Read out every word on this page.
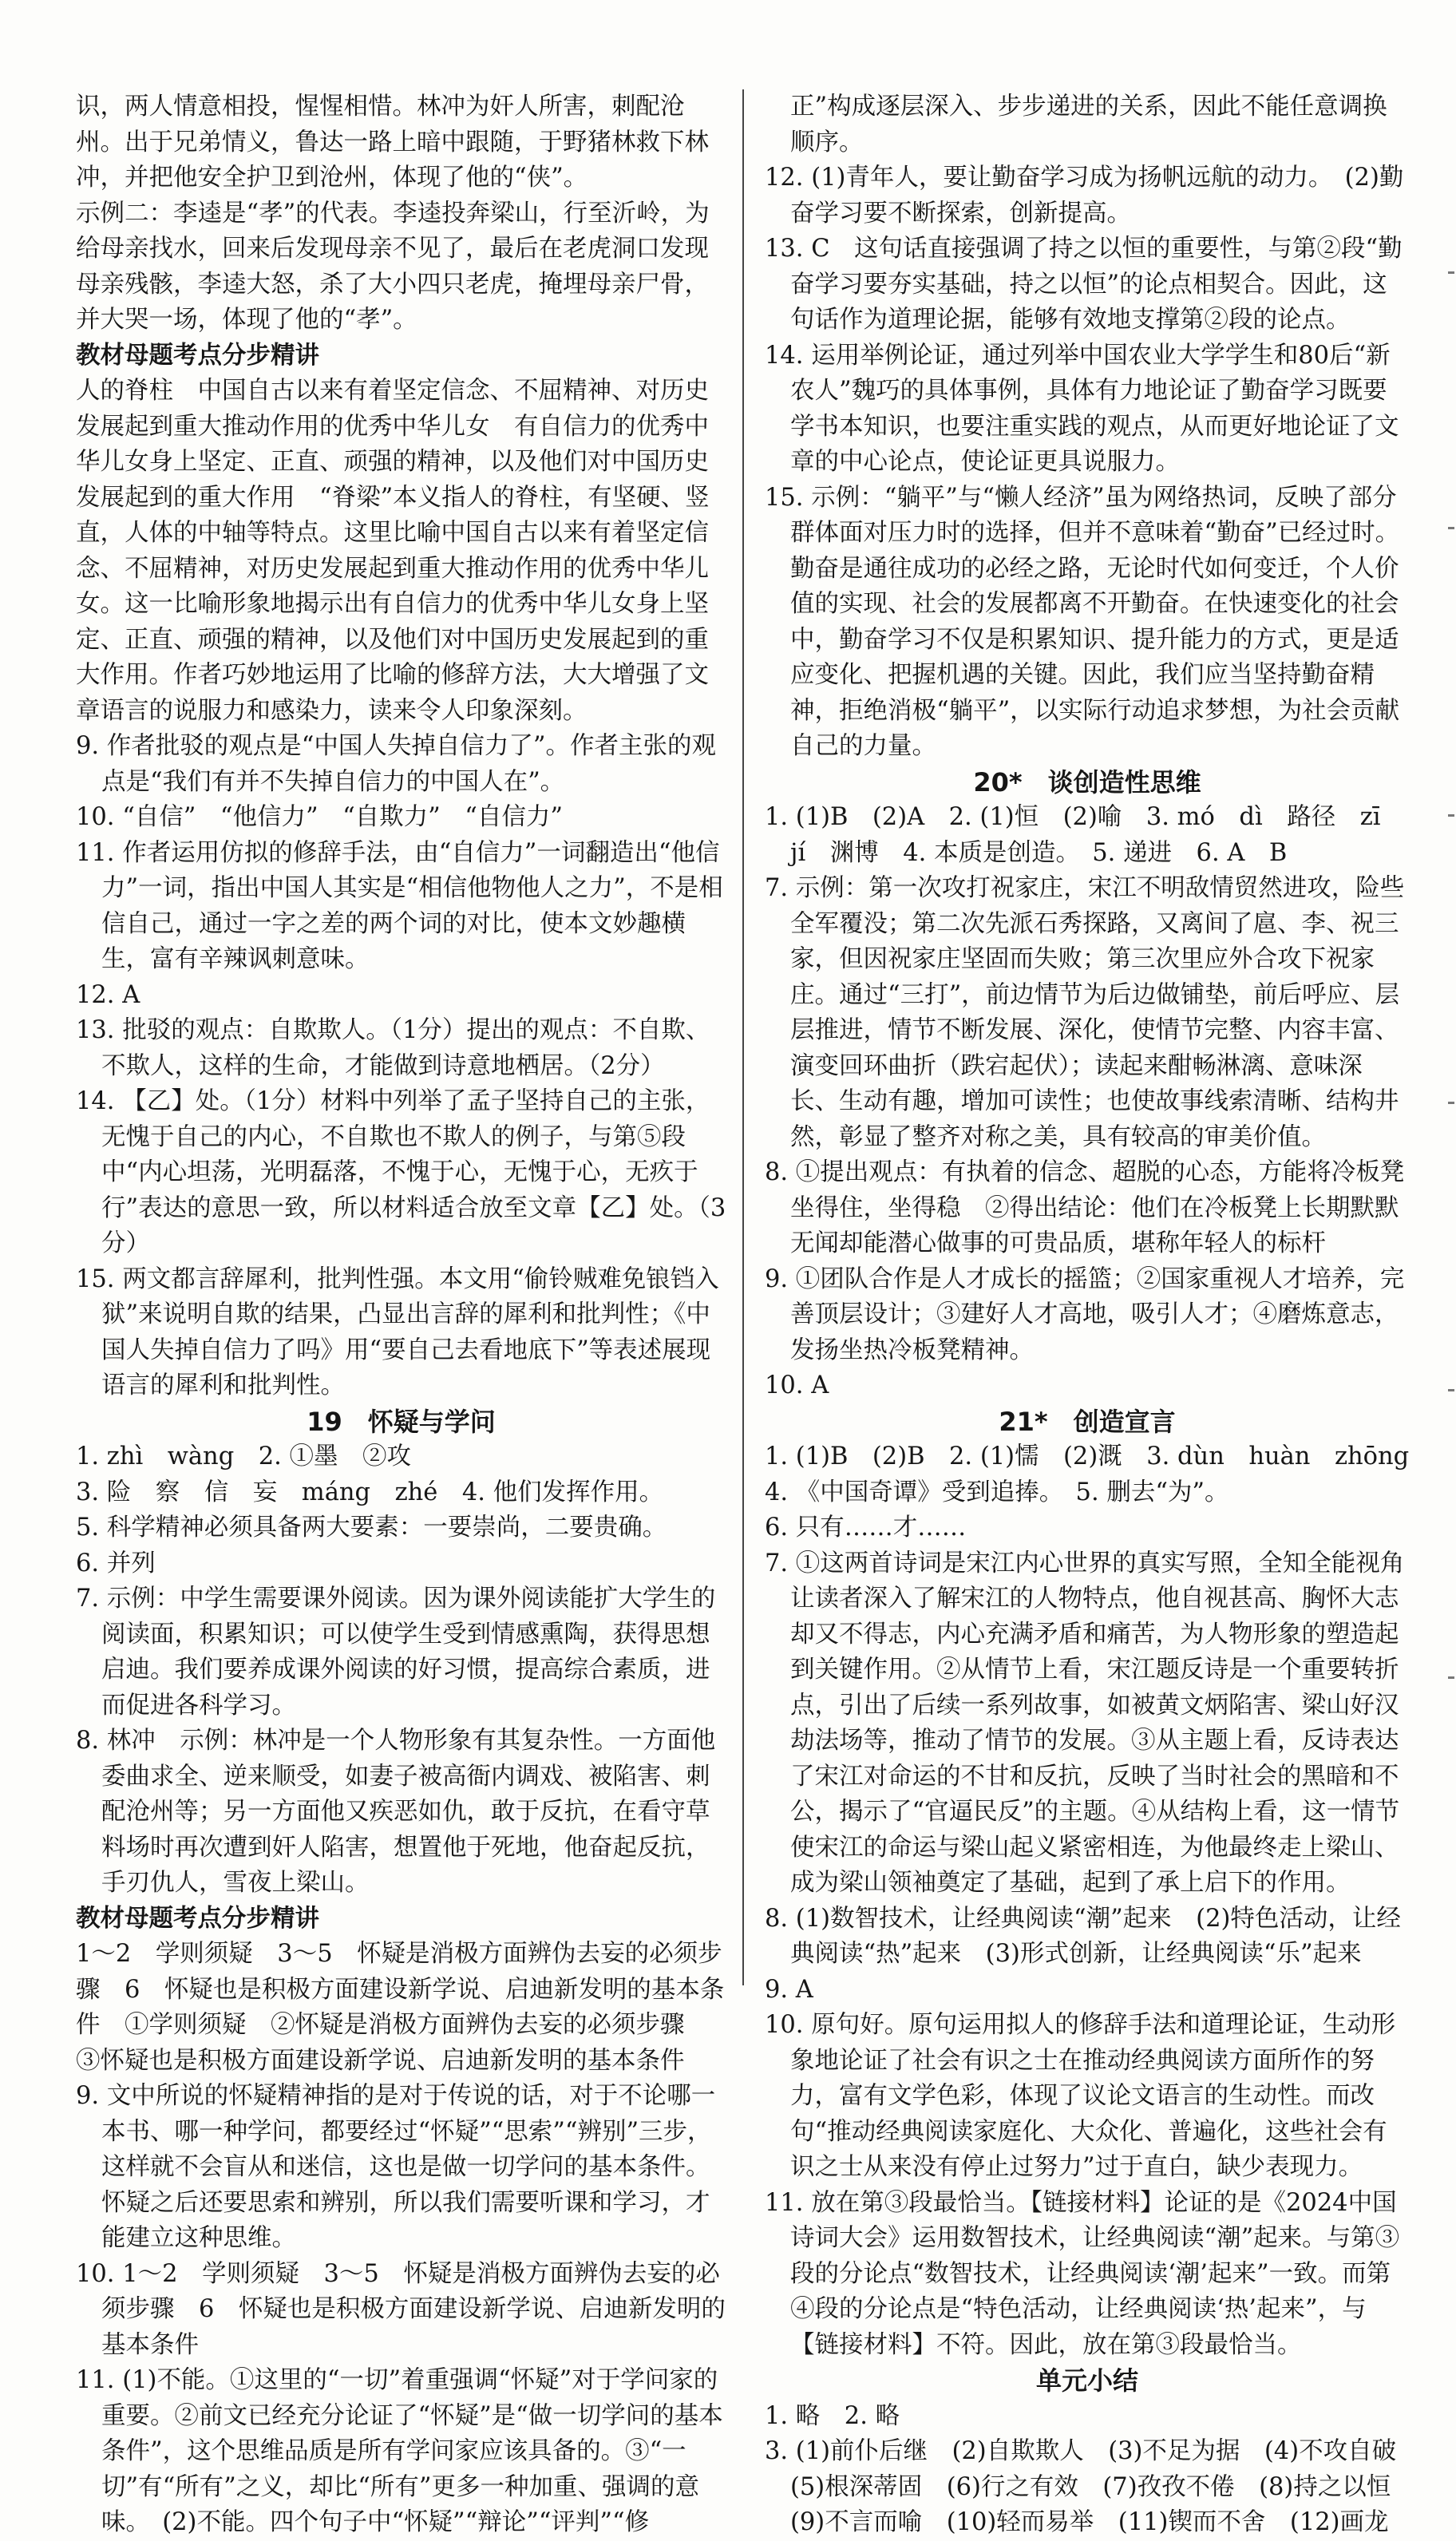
识，两人情意相投，惺惺相惜。林冲为奸人所害，刺配沧州。出于兄弟情义，鲁达一路上暗中跟随，于野猪林救下林冲，并把他安全护卫到沧州，体现了他的“侠”。
示例二：李逵是“孝”的代表。李逵投奔梁山，行至沂岭，为给母亲找水，回来后发现母亲不见了，最后在老虎洞口发现母亲残骸，李逵大怒，杀了大小四只老虎，掩埋母亲尸骨，并大哭一场，体现了他的“孝”。
教材母题考点分步精讲
人的脊柱　中国自古以来有着坚定信念、不屈精神、对历史发展起到重大推动作用的优秀中华儿女　有自信力的优秀中华儿女身上坚定、正直、顽强的精神，以及他们对中国历史发展起到的重大作用　“脊梁”本义指人的脊柱，有坚硬、竖直，人体的中轴等特点。这里比喻中国自古以来有着坚定信念、不屈精神，对历史发展起到重大推动作用的优秀中华儿女。这一比喻形象地揭示出有自信力的优秀中华儿女身上坚定、正直、顽强的精神，以及他们对中国历史发展起到的重大作用。作者巧妙地运用了比喻的修辞方法，大大增强了文章语言的说服力和感染力，读来令人印象深刻。
9. 作者批驳的观点是“中国人失掉自信力了”。作者主张的观点是“我们有并不失掉自信力的中国人在”。
10. “自信”　“他信力”　“自欺力”　“自信力”
11. 作者运用仿拟的修辞手法，由“自信力”一词翻造出“他信力”一词，指出中国人其实是“相信他物他人之力”，不是相信自己，通过一字之差的两个词的对比，使本文妙趣横生，富有辛辣讽刺意味。
12. A
13. 批驳的观点：自欺欺人。（1分）提出的观点：不自欺、不欺人，这样的生命，才能做到诗意地栖居。（2分）
14. 【乙】处。（1分）材料中列举了孟子坚持自己的主张，无愧于自己的内心，不自欺也不欺人的例子，与第⑤段中“内心坦荡，光明磊落，不愧于心，无愧于心，无疚于行”表达的意思一致，所以材料适合放至文章【乙】处。（3分）
15. 两文都言辞犀利，批判性强。本文用“偷铃贼难免锒铛入狱”来说明自欺的结果，凸显出言辞的犀利和批判性；《中国人失掉自信力了吗》用“要自己去看地底下”等表述展现语言的犀利和批判性。
19 怀疑与学问
1. zhì　wàng　2. ①墨　②攻
3. 险　察　信　妄　máng　zhé　4. 他们发挥作用。
5. 科学精神必须具备两大要素：一要崇尚，二要贵确。
6. 并列
7. 示例：中学生需要课外阅读。因为课外阅读能扩大学生的阅读面，积累知识；可以使学生受到情感熏陶，获得思想启迪。我们要养成课外阅读的好习惯，提高综合素质，进而促进各科学习。
8. 林冲　示例：林冲是一个人物形象有其复杂性。一方面他委曲求全、逆来顺受，如妻子被高衙内调戏、被陷害、刺配沧州等；另一方面他又疾恶如仇，敢于反抗，在看守草料场时再次遭到奸人陷害，想置他于死地，他奋起反抗，手刃仇人，雪夜上梁山。
教材母题考点分步精讲
1～2　学则须疑　3～5　怀疑是消极方面辨伪去妄的必须步骤　6　怀疑也是积极方面建设新学说、启迪新发明的基本条件　①学则须疑　②怀疑是消极方面辨伪去妄的必须步骤　③怀疑也是积极方面建设新学说、启迪新发明的基本条件
9. 文中所说的怀疑精神指的是对于传说的话，对于不论哪一本书、哪一种学问，都要经过“怀疑”“思索”“辨别”三步，这样就不会盲从和迷信，这也是做一切学问的基本条件。怀疑之后还要思索和辨别，所以我们需要听课和学习，才能建立这种思维。
10. 1～2　学则须疑　3～5　怀疑是消极方面辨伪去妄的必须步骤　6　怀疑也是积极方面建设新学说、启迪新发明的基本条件
11. (1)不能。①这里的“一切”着重强调“怀疑”对于学问家的重要。②前文已经充分论证了“怀疑”是“做一切学问的基本条件”，这个思维品质是所有学问家应该具备的。③“一切”有“所有”之义，却比“所有”更多一种加重、强调的意味。　(2)不能。四个句子中“怀疑”“辩论”“评判”“修
正”构成逐层深入、步步递进的关系，因此不能任意调换顺序。
12. (1)青年人，要让勤奋学习成为扬帆远航的动力。　(2)勤奋学习要不断探索，创新提高。
13. C　这句话直接强调了持之以恒的重要性，与第②段“勤奋学习要夯实基础，持之以恒”的论点相契合。因此，这句话作为道理论据，能够有效地支撑第②段的论点。
14. 运用举例论证，通过列举中国农业大学学生和80后“新农人”魏巧的具体事例，具体有力地论证了勤奋学习既要学书本知识，也要注重实践的观点，从而更好地论证了文章的中心论点，使论证更具说服力。
15. 示例：“躺平”与“懒人经济”虽为网络热词，反映了部分群体面对压力时的选择，但并不意味着“勤奋”已经过时。勤奋是通往成功的必经之路，无论时代如何变迁，个人价值的实现、社会的发展都离不开勤奋。在快速变化的社会中，勤奋学习不仅是积累知识、提升能力的方式，更是适应变化、把握机遇的关键。因此，我们应当坚持勤奋精神，拒绝消极“躺平”，以实际行动追求梦想，为社会贡献自己的力量。
20* 谈创造性思维
1. (1)B　(2)A　2. (1)恒　(2)喻　3. mó　dì　路径　zī　jí　渊博　4. 本质是创造。　5. 递进　6. A　B
7. 示例：第一次攻打祝家庄，宋江不明敌情贸然进攻，险些全军覆没；第二次先派石秀探路，又离间了扈、李、祝三家，但因祝家庄坚固而失败；第三次里应外合攻下祝家庄。通过“三打”，前边情节为后边做铺垫，前后呼应、层层推进，情节不断发展、深化，使情节完整、内容丰富、演变回环曲折（跌宕起伏）；读起来酣畅淋漓、意味深长、生动有趣，增加可读性；也使故事线索清晰、结构井然，彰显了整齐对称之美，具有较高的审美价值。
8. ①提出观点：有执着的信念、超脱的心态，方能将冷板凳坐得住，坐得稳　②得出结论：他们在冷板凳上长期默默无闻却能潜心做事的可贵品质，堪称年轻人的标杆
9. ①团队合作是人才成长的摇篮；②国家重视人才培养，完善顶层设计；③建好人才高地，吸引人才；④磨炼意志，发扬坐热冷板凳精神。
10. A
21* 创造宣言
1. (1)B　(2)B　2. (1)懦　(2)溉　3. dùn　huàn　zhōng
4. 《中国奇谭》受到追捧。　5. 删去“为”。
6. 只有……才……
7. ①这两首诗词是宋江内心世界的真实写照，全知全能视角让读者深入了解宋江的人物特点，他自视甚高、胸怀大志却又不得志，内心充满矛盾和痛苦，为人物形象的塑造起到关键作用。②从情节上看，宋江题反诗是一个重要转折点，引出了后续一系列故事，如被黄文炳陷害、梁山好汉劫法场等，推动了情节的发展。③从主题上看，反诗表达了宋江对命运的不甘和反抗，反映了当时社会的黑暗和不公，揭示了“官逼民反”的主题。④从结构上看，这一情节使宋江的命运与梁山起义紧密相连，为他最终走上梁山、成为梁山领袖奠定了基础，起到了承上启下的作用。
8. (1)数智技术，让经典阅读“潮”起来　(2)特色活动，让经典阅读“热”起来　(3)形式创新，让经典阅读“乐”起来
9. A
10. 原句好。原句运用拟人的修辞手法和道理论证，生动形象地论证了社会有识之士在推动经典阅读方面所作的努力，富有文学色彩，体现了议论文语言的生动性。而改句“推动经典阅读家庭化、大众化、普遍化，这些社会有识之士从来没有停止过努力”过于直白，缺少表现力。
11. 放在第③段最恰当。【链接材料】论证的是《2024中国诗词大会》运用数智技术，让经典阅读“潮”起来。与第③段的分论点“数智技术，让经典阅读‘潮’起来”一致。而第④段的分论点是“特色活动，让经典阅读‘热’起来”，与【链接材料】不符。因此，放在第③段最恰当。
单元小结
1. 略　2. 略
3. (1)前仆后继　(2)自欺欺人　(3)不足为据　(4)不攻自破　(5)根深蒂固　(6)行之有效　(7)孜孜不倦　(8)持之以恒　(9)不言而喻　(10)轻而易举　(11)锲而不舍　(12)画龙
